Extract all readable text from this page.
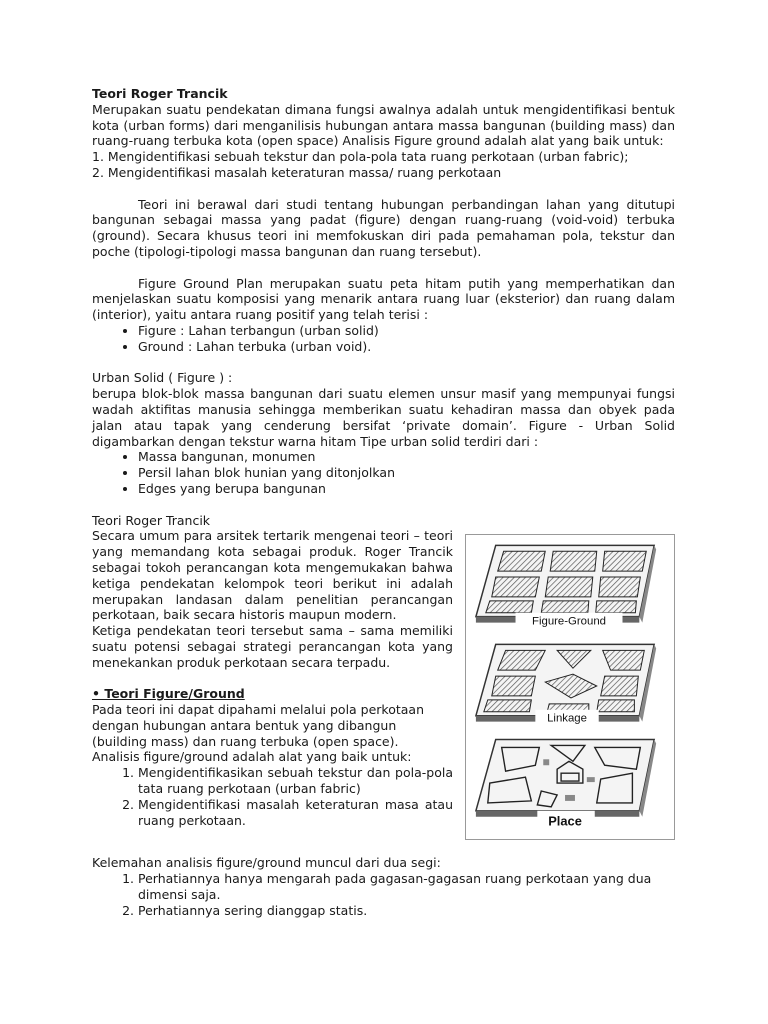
Teori Roger Trancik

Merupakan suatu pendekatan dimana fungsi awalnya adalah untuk mengidentifikasi bentuk kota (urban forms) dari menganilisis hubungan antara massa bangunan (building mass) dan ruang-ruang terbuka kota (open space) Analisis Figure ground adalah alat yang baik untuk:

1. Mengidentifikasi sebuah tekstur dan pola-pola tata ruang perkotaan (urban fabric);

2. Mengidentifikasi masalah keteraturan massa/ ruang perkotaan

Teori ini berawal dari studi tentang hubungan perbandingan lahan yang ditutupi bangunan sebagai massa yang padat (figure) dengan ruang-ruang (void-void) terbuka (ground). Secara khusus teori ini memfokuskan diri pada pemahaman pola, tekstur dan poche (tipologi-tipologi massa bangunan dan ruang tersebut).

Figure Ground Plan merupakan suatu peta hitam putih yang memperhatikan dan menjelaskan suatu komposisi yang menarik antara ruang luar (eksterior) dan ruang dalam (interior), yaitu antara ruang positif yang telah terisi :

• Figure : Lahan terbangun (urban solid)
• Ground : Lahan terbuka (urban void).

Urban Solid ( Figure ) :

berupa blok-blok massa bangunan dari suatu elemen unsur masif yang mempunyai fungsi wadah aktifitas manusia sehingga memberikan suatu kehadiran massa dan obyek pada jalan atau tapak yang cenderung bersifat ‘private domain’. Figure - Urban Solid digambarkan dengan tekstur warna hitam Tipe urban solid terdiri dari :

• Massa bangunan, monumen
• Persil lahan blok hunian yang ditonjolkan
• Edges yang berupa bangunan

Teori Roger Trancik

Secara umum para arsitek tertarik mengenai teori – teori yang memandang kota sebagai produk. Roger Trancik sebagai tokoh perancangan kota mengemukakan bahwa ketiga pendekatan kelompok teori berikut ini adalah merupakan landasan dalam penelitian perancangan perkotaan, baik secara historis maupun modern.

Ketiga pendekatan teori tersebut sama – sama memiliki suatu potensi sebagai strategi perancangan kota yang menekankan produk perkotaan secara terpadu.

• Teori Figure/Ground

Pada teori ini dapat dipahami melalui pola perkotaan dengan hubungan antara bentuk yang dibangun (building mass) dan ruang terbuka (open space).

Analisis figure/ground adalah alat yang baik untuk:

1. Mengidentifikasikan sebuah tekstur dan pola-pola tata ruang perkotaan (urban fabric)
2. Mengidentifikasi masalah keteraturan masa atau ruang perkotaan.
Figure-Ground
Linkage
Place

Kelemahan analisis figure/ground muncul dari dua segi:

1. Perhatiannya hanya mengarah pada gagasan-gagasan ruang perkotaan yang dua dimensi saja.
2. Perhatiannya sering dianggap statis.
